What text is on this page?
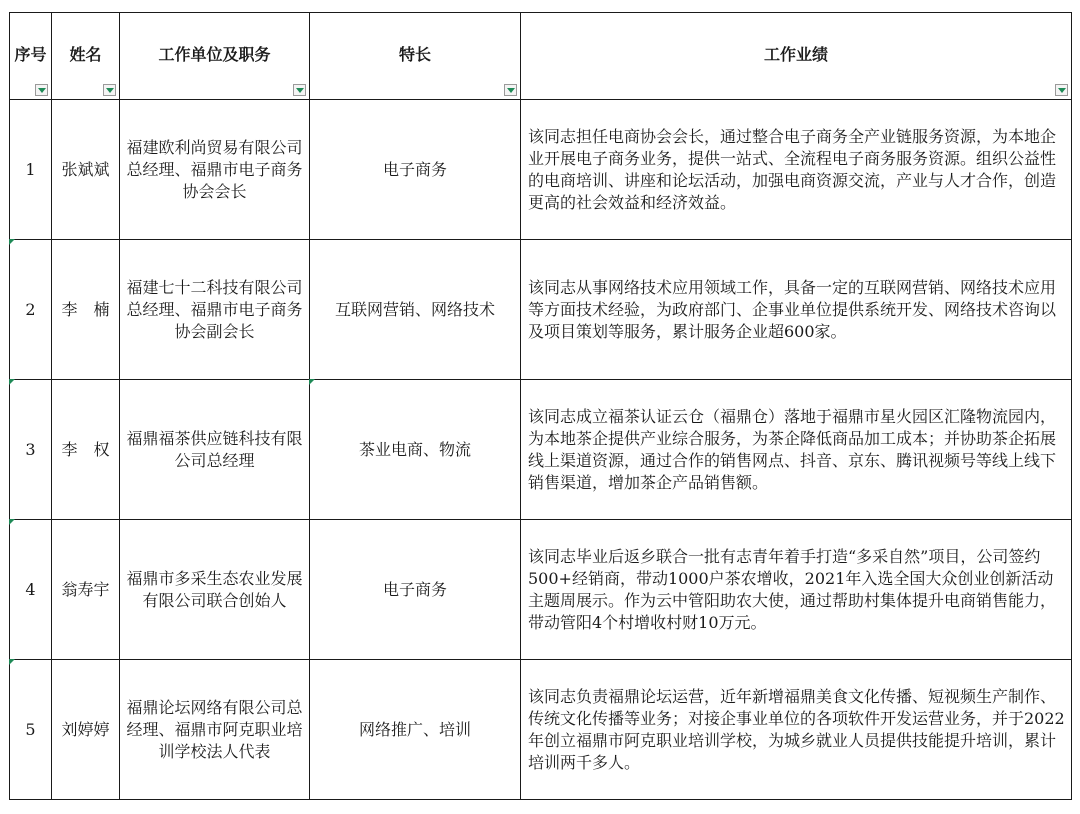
序号	姓名	工作单位及职务	特长	工作业绩

1	张斌斌	福建欧利尚贸易有限公司总经理、福鼎市电子商务协会会长	电子商务	该同志担任电商协会会长，通过整合电子商务全产业链服务资源，为本地企业开展电子商务业务，提供一站式、全流程电子商务服务资源。组织公益性的电商培训、讲座和论坛活动，加强电商资源交流，产业与人才合作，创造更高的社会效益和经济效益。

2	李　楠	福建七十二科技有限公司总经理、福鼎市电子商务协会副会长	互联网营销、网络技术	该同志从事网络技术应用领域工作，具备一定的互联网营销、网络技术应用等方面技术经验，为政府部门、企事业单位提供系统开发、网络技术咨询以及项目策划等服务，累计服务企业超600家。

3	李　权	福鼎福茶供应链科技有限公司总经理	茶业电商、物流	该同志成立福茶认证云仓（福鼎仓）落地于福鼎市星火园区汇隆物流园内，为本地茶企提供产业综合服务，为茶企降低商品加工成本；并协助茶企拓展线上渠道资源，通过合作的销售网点、抖音、京东、腾讯视频号等线上线下销售渠道，增加茶企产品销售额。

4	翁寿宇	福鼎市多采生态农业发展有限公司联合创始人	电子商务	该同志毕业后返乡联合一批有志青年着手打造“多采自然”项目，公司签约500+经销商，带动1000户茶农增收，2021年入选全国大众创业创新活动主题周展示。作为云中管阳助农大使，通过帮助村集体提升电商销售能力，带动管阳4个村增收村财10万元。

5	刘婷婷	福鼎论坛网络有限公司总经理、福鼎市阿克职业培训学校法人代表	网络推广、培训	该同志负责福鼎论坛运营，近年新增福鼎美食文化传播、短视频生产制作、传统文化传播等业务；对接企事业单位的各项软件开发运营业务，并于2022年创立福鼎市阿克职业培训学校，为城乡就业人员提供技能提升培训，累计培训两千多人。
